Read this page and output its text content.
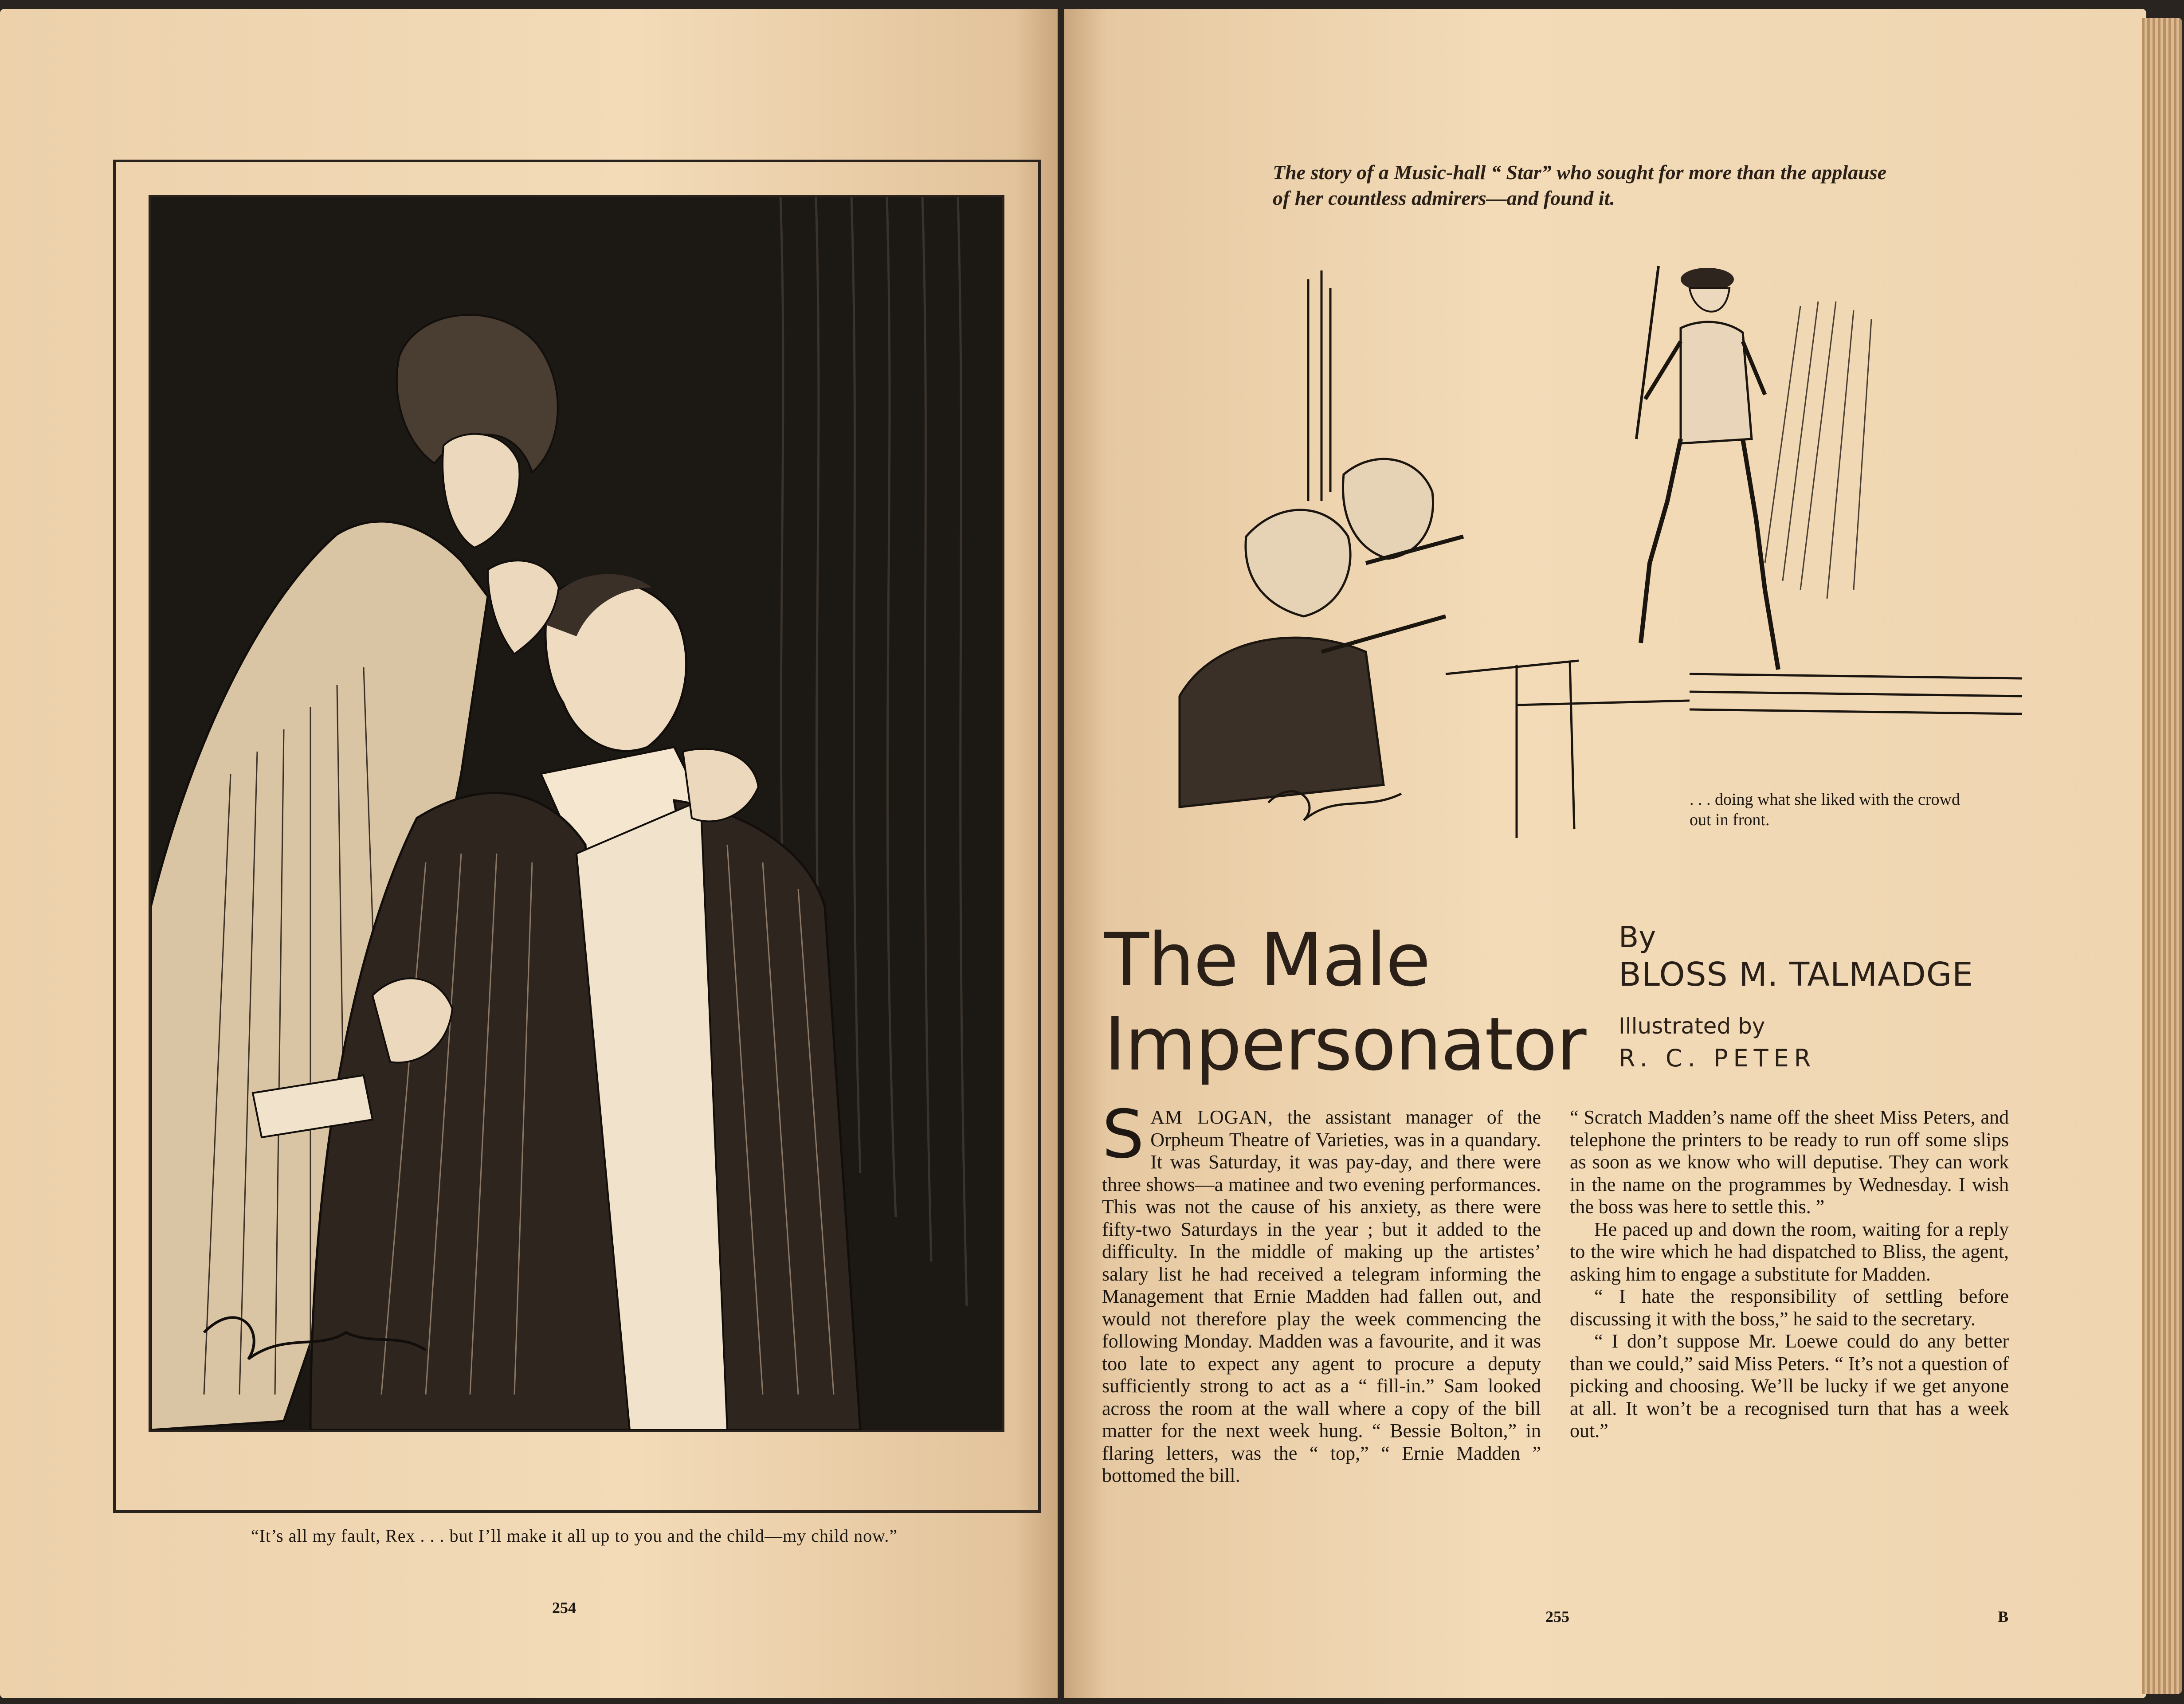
“It’s all my fault, Rex . . . but I’ll make it all up to you and the child—my child now.”
254
The story of a Music-hall “ Star” who sought for more than the applause of her countless admirers—and found it.
. . . doing what she liked with the crowd out in front.
The Male
Impersonator
By
BLOSS M. TALMADGE
Illustrated by
R. C. PETER

SAM LOGAN, the assistant manager of the Orpheum Theatre of Varieties, was in a quandary. It was Saturday, it was pay-day, and there were three shows—a matinee and two evening performances. This was not the cause of his anxiety, as there were fifty-two Saturdays in the year ; but it added to the difficulty. In the middle of making up the artistes’ salary list he had received a telegram informing the Management that Ernie Madden had fallen out, and would not therefore play the week commencing the following Monday. Madden was a favourite, and it was too late to expect any agent to procure a deputy sufficiently strong to act as a “ fill-in.” Sam looked across the room at the wall where a copy of the bill matter for the next week hung. “ Bessie Bolton,” in flaring letters, was the “ top,” “ Ernie Madden ” bottomed the bill.

“ Scratch Madden’s name off the sheet Miss Peters, and telephone the printers to be ready to run off some slips as soon as we know who will deputise. They can work in the name on the programmes by Wednesday. I wish the boss was here to settle this. ”

He paced up and down the room, waiting for a reply to the wire which he had dispatched to Bliss, the agent, asking him to engage a substitute for Madden.

“ I hate the responsibility of settling before discussing it with the boss,” he said to the secretary.

“ I don’t suppose Mr. Loewe could do any better than we could,” said Miss Peters. “ It’s not a question of picking and choosing. We’ll be lucky if we get anyone at all. It won’t be a recognised turn that has a week out.”

255	B
